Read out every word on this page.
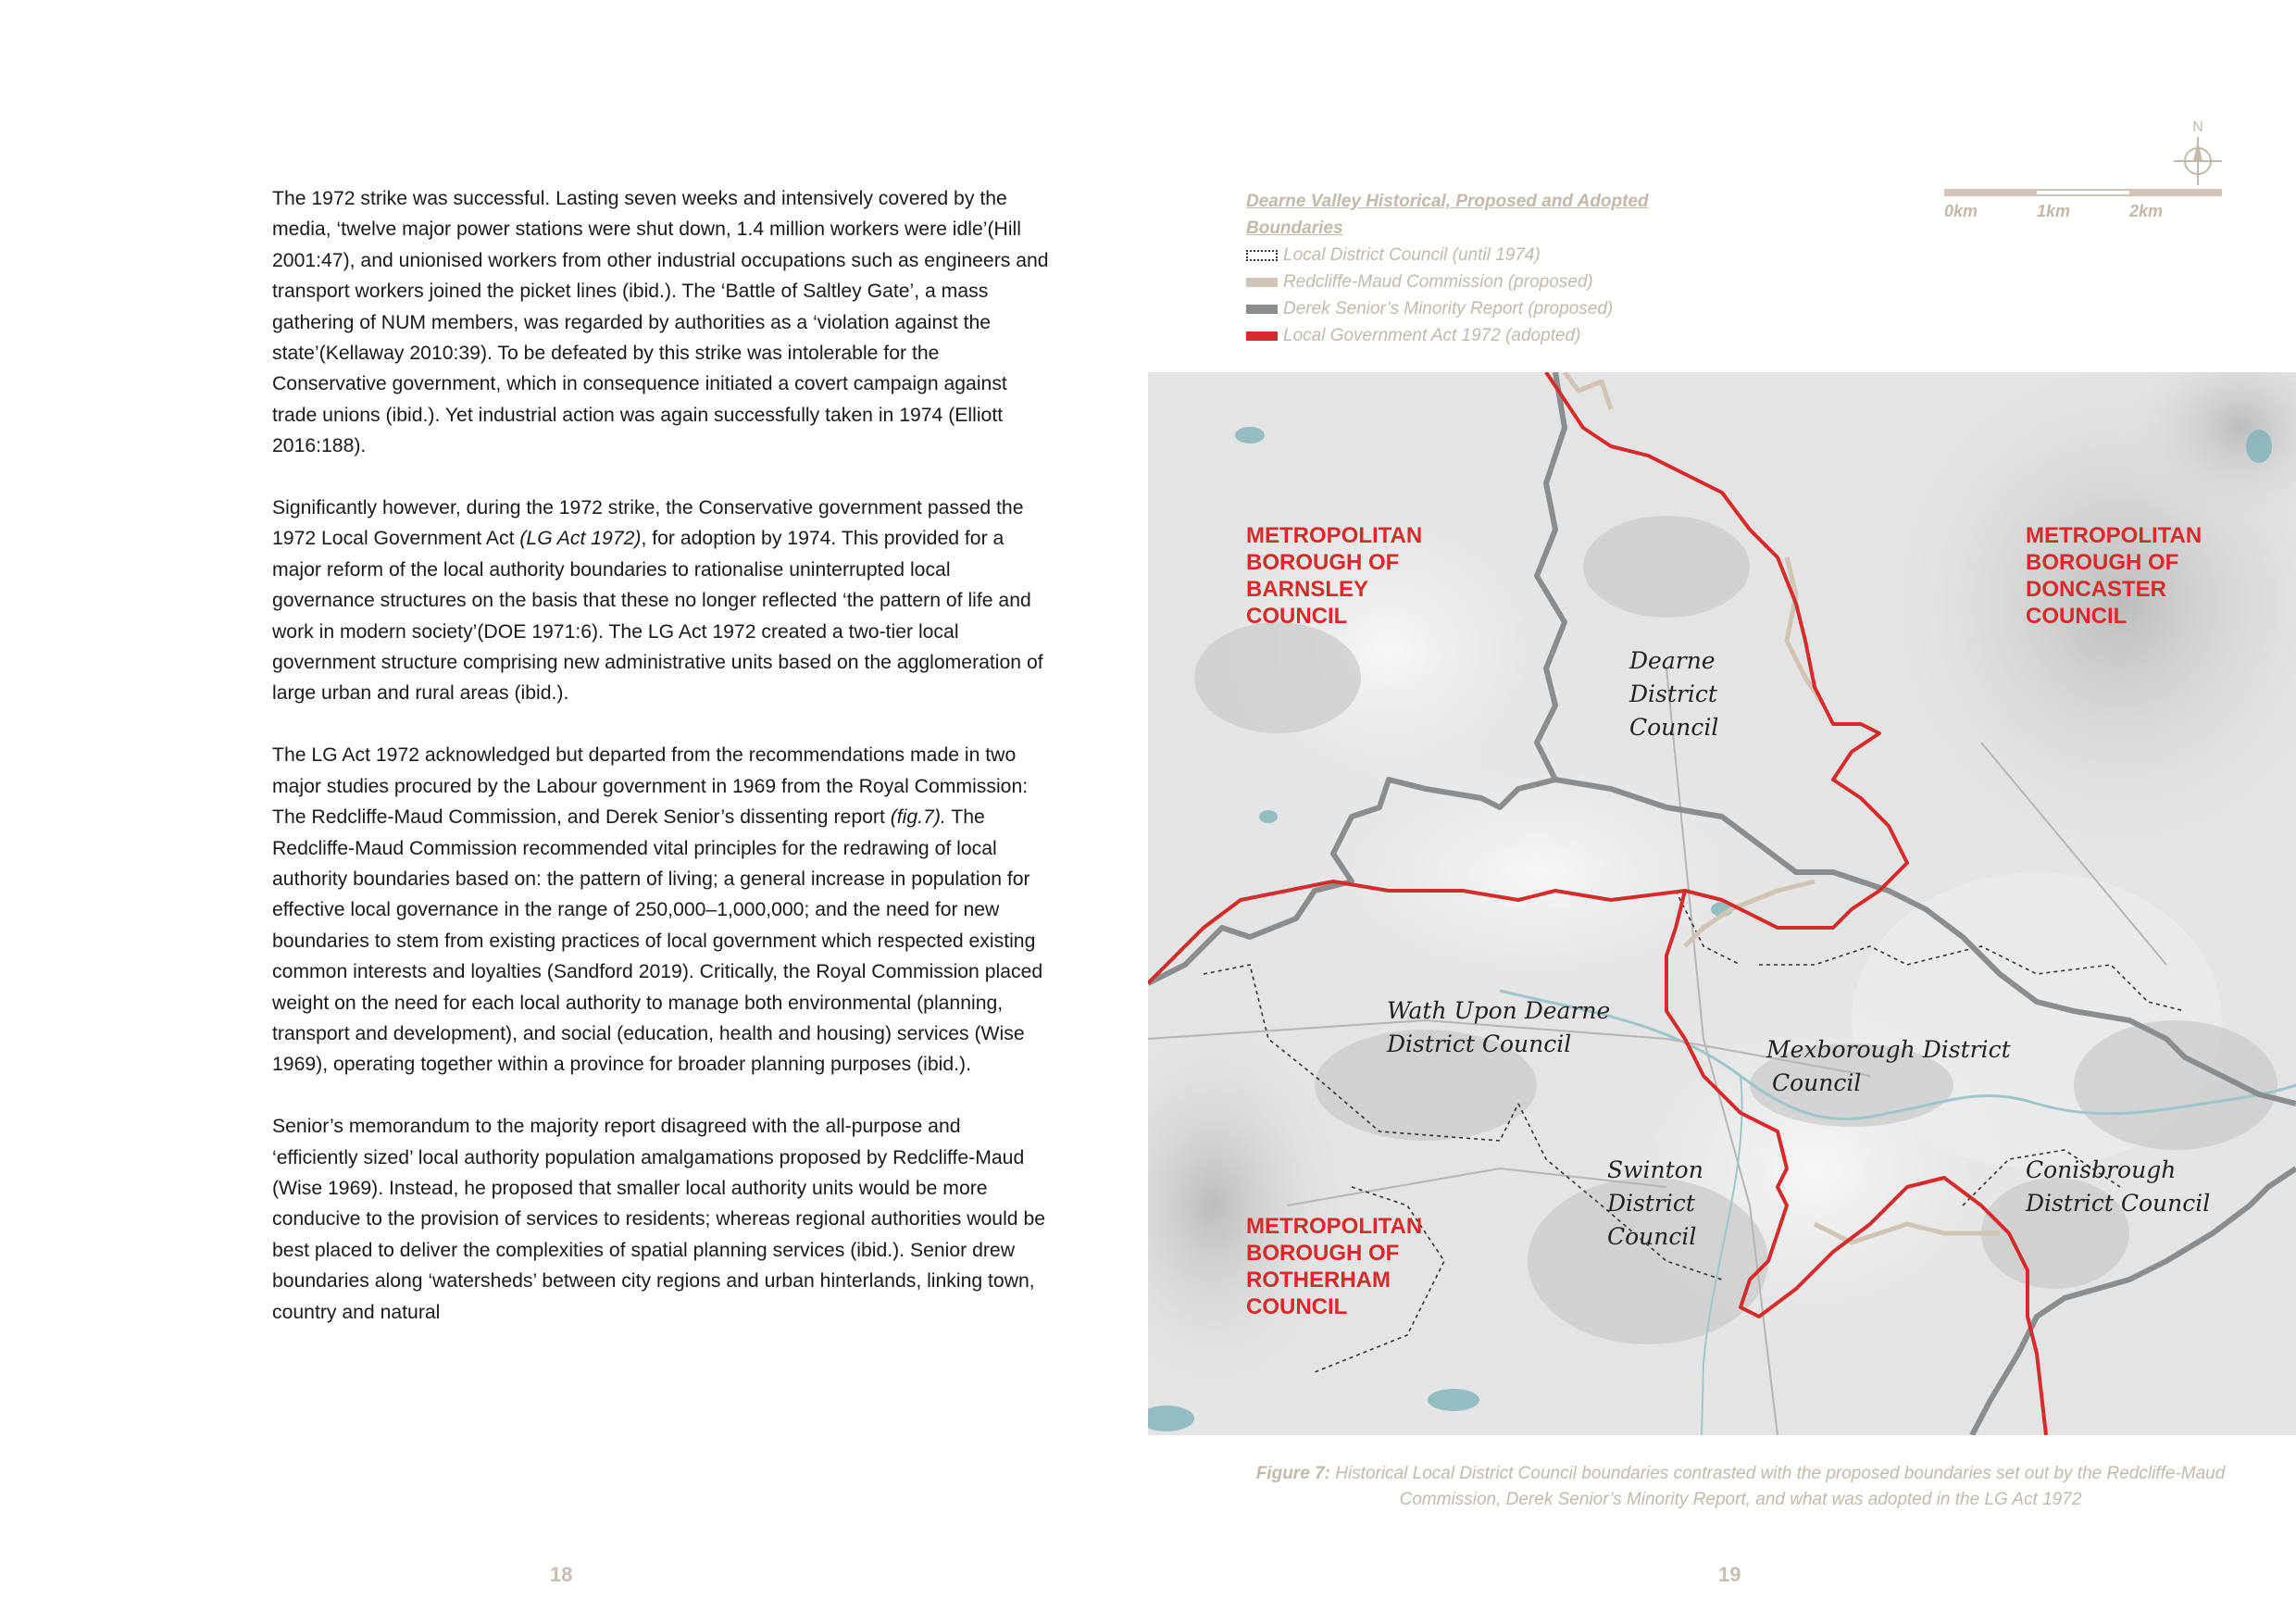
The 1972 strike was successful. Lasting seven weeks and intensively covered by the media, ‘twelve major power stations were shut down, 1.4 million workers were idle’(Hill 2001:47), and unionised workers from other industrial occupations such as engineers and transport workers joined the picket lines (ibid.). The ‘Battle of Saltley Gate’, a mass gathering of NUM members, was regarded by authorities as a ‘violation against the state’(Kellaway 2010:39). To be defeated by this strike was intolerable for the Conservative government, which in consequence initiated a covert campaign against trade unions (ibid.). Yet industrial action was again successfully taken in 1974 (Elliott 2016:188).

Significantly however, during the 1972 strike, the Conservative government passed the 1972 Local Government Act (LG Act 1972), for adoption by 1974. This provided for a major reform of the local authority boundaries to rationalise uninterrupted local governance structures on the basis that these no longer reflected ‘the pattern of life and work in modern society’(DOE 1971:6). The LG Act 1972 created a two-tier local government structure comprising new administrative units based on the agglomeration of large urban and rural areas (ibid.).

The LG Act 1972 acknowledged but departed from the recommendations made in two major studies procured by the Labour government in 1969 from the Royal Commission: The Redcliffe-Maud Commission, and Derek Senior’s dissenting report (fig.7). The Redcliffe-Maud Commission recommended vital principles for the redrawing of local authority boundaries based on: the pattern of living; a general increase in population for effective local governance in the range of 250,000–1,000,000; and the need for new boundaries to stem from existing practices of local government which respected existing common interests and loyalties (Sandford 2019). Critically, the Royal Commission placed weight on the need for each local authority to manage both environmental (planning, transport and development), and social (education, health and housing) services (Wise 1969), operating together within a province for broader planning purposes (ibid.).

Senior’s memorandum to the majority report disagreed with the all-purpose and ‘efficiently sized’ local authority population amalgamations proposed by Redcliffe-Maud (Wise 1969). Instead, he proposed that smaller local authority units would be more conducive to the provision of services to residents; whereas regional authorities would be best placed to deliver the complexities of spatial planning services (ibid.). Senior drew boundaries along ‘watersheds’ between city regions and urban hinterlands, linking town, country and natural

18
Dearne Valley Historical, Proposed and Adopted Boundaries
Local District Council (until 1974)
Redcliffe-Maud Commission (proposed)
Derek Senior’s Minority Report (proposed)
Local Government Act 1972 (adopted)
0km	1km	2km
N
METROPOLITAN
BOROUGH OF
BARNSLEY
COUNCIL
METROPOLITAN
BOROUGH OF
DONCASTER
COUNCIL
METROPOLITAN
BOROUGH OF
ROTHERHAM
COUNCIL
Dearne
District
Council
Wath Upon Dearne
District Council	Mexborough District
Council
Swinton
District
Council
Conisbrough
District Council
Figure 7: Historical Local District Council boundaries contrasted with the proposed boundaries set out by the Redcliffe-Maud Commission, Derek Senior’s Minority Report, and what was adopted in the LG Act 1972
19
